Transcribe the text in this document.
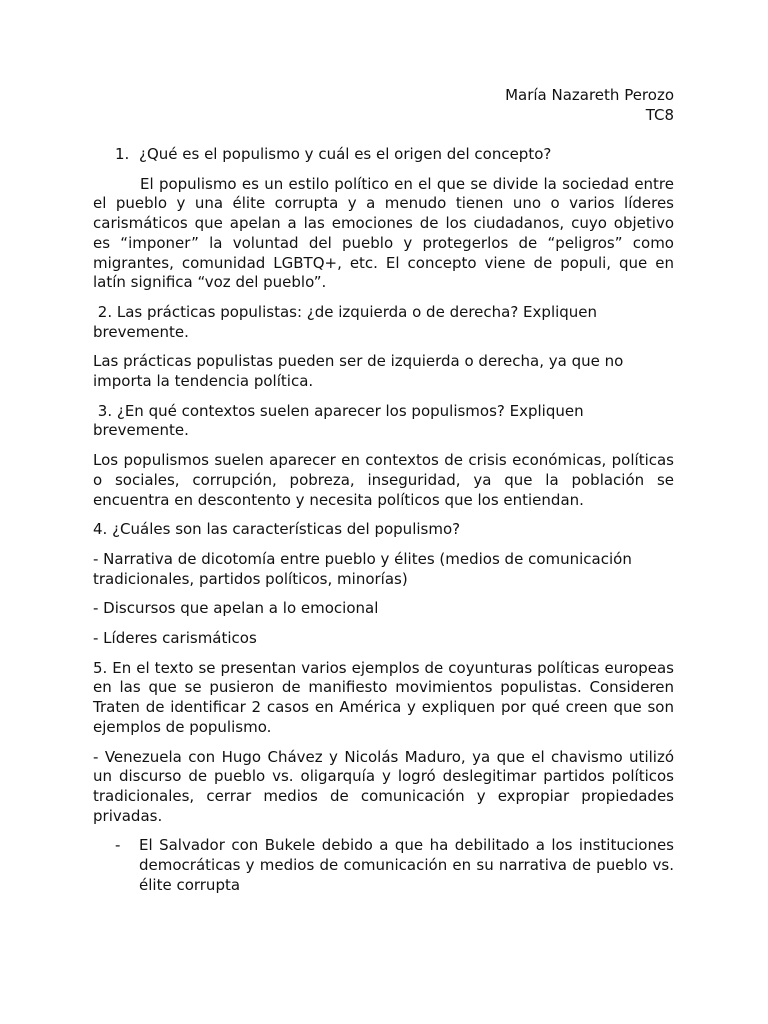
María Nazareth Perozo
TC8
1. ¿Qué es el populismo y cuál es el origen del concepto?

El populismo es un estilo político en el que se divide la sociedad entre el pueblo y una élite corrupta y a menudo tienen uno o varios líderes carismáticos que apelan a las emociones de los ciudadanos, cuyo objetivo es “imponer” la voluntad del pueblo y protegerlos de “peligros” como migrantes, comunidad LGBTQ+, etc. El concepto viene de populi, que en latín significa “voz del pueblo”.

2. Las prácticas populistas: ¿de izquierda o de derecha? Expliquen brevemente.

Las prácticas populistas pueden ser de izquierda o derecha, ya que no importa la tendencia política.

3. ¿En qué contextos suelen aparecer los populismos? Expliquen brevemente.

Los populismos suelen aparecer en contextos de crisis económicas, políticas o sociales, corrupción, pobreza, inseguridad, ya que la población se encuentra en descontento y necesita políticos que los entiendan.

4. ¿Cuáles son las características del populismo?

- Narrativa de dicotomía entre pueblo y élites (medios de comunicación tradicionales, partidos políticos, minorías)

- Discursos que apelan a lo emocional

- Líderes carismáticos

5. En el texto se presentan varios ejemplos de coyunturas políticas europeas en las que se pusieron de manifiesto movimientos populistas. Consideren Traten de identificar 2 casos en América y expliquen por qué creen que son ejemplos de populismo.

- Venezuela con Hugo Chávez y Nicolás Maduro, ya que el chavismo utilizó un discurso de pueblo vs. oligarquía y logró deslegitimar partidos políticos tradicionales, cerrar medios de comunicación y expropiar propiedades privadas.

- El Salvador con Bukele debido a que ha debilitado a los instituciones democráticas y medios de comunicación en su narrativa de pueblo vs. élite corrupta
